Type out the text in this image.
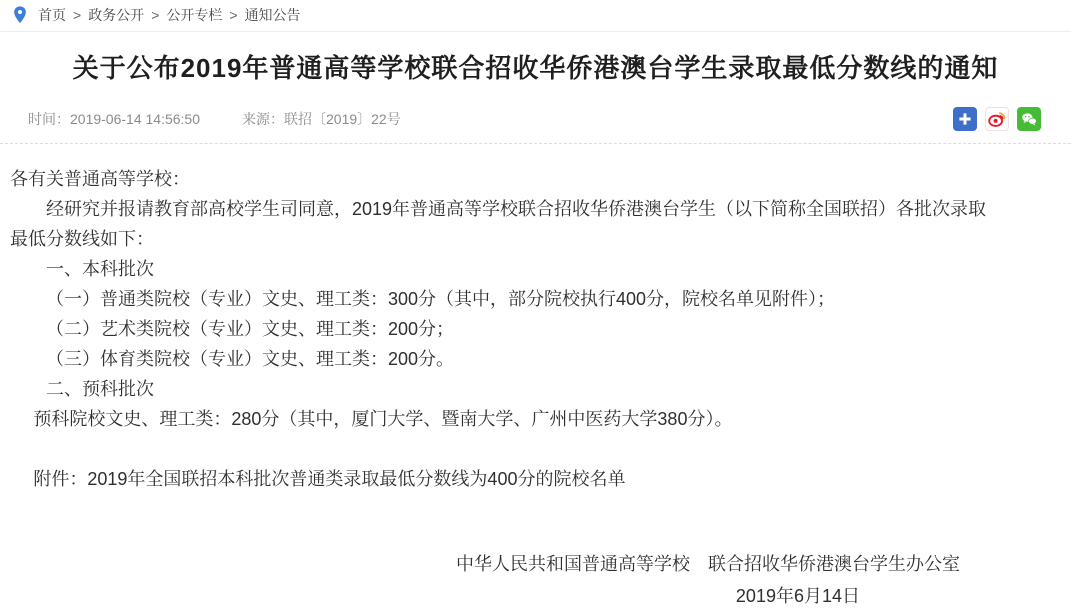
首页 > 政务公开 > 公开专栏 > 通知公告
关于公布2019年普通高等学校联合招收华侨港澳台学生录取最低分数线的通知
时间：2019-06-14 14:56:50	来源：联招〔2019〕22号

各有关普通高等学校：

经研究并报请教育部高校学生司同意，2019年普通高等学校联合招收华侨港澳台学生（以下简称全国联招）各批次录取最低分数线如下：

一、本科批次

（一）普通类院校（专业）文史、理工类：300分（其中，部分院校执行400分，院校名单见附件）；

（二）艺术类院校（专业）文史、理工类：200分；

（三）体育类院校（专业）文史、理工类：200分。

二、预科批次

预科院校文史、理工类：280分（其中，厦门大学、暨南大学、广州中医药大学380分）。

附件：2019年全国联招本科批次普通类录取最低分数线为400分的院校名单

中华人民共和国普通高等学校　联合招收华侨港澳台学生办公室

2019年6月14日
